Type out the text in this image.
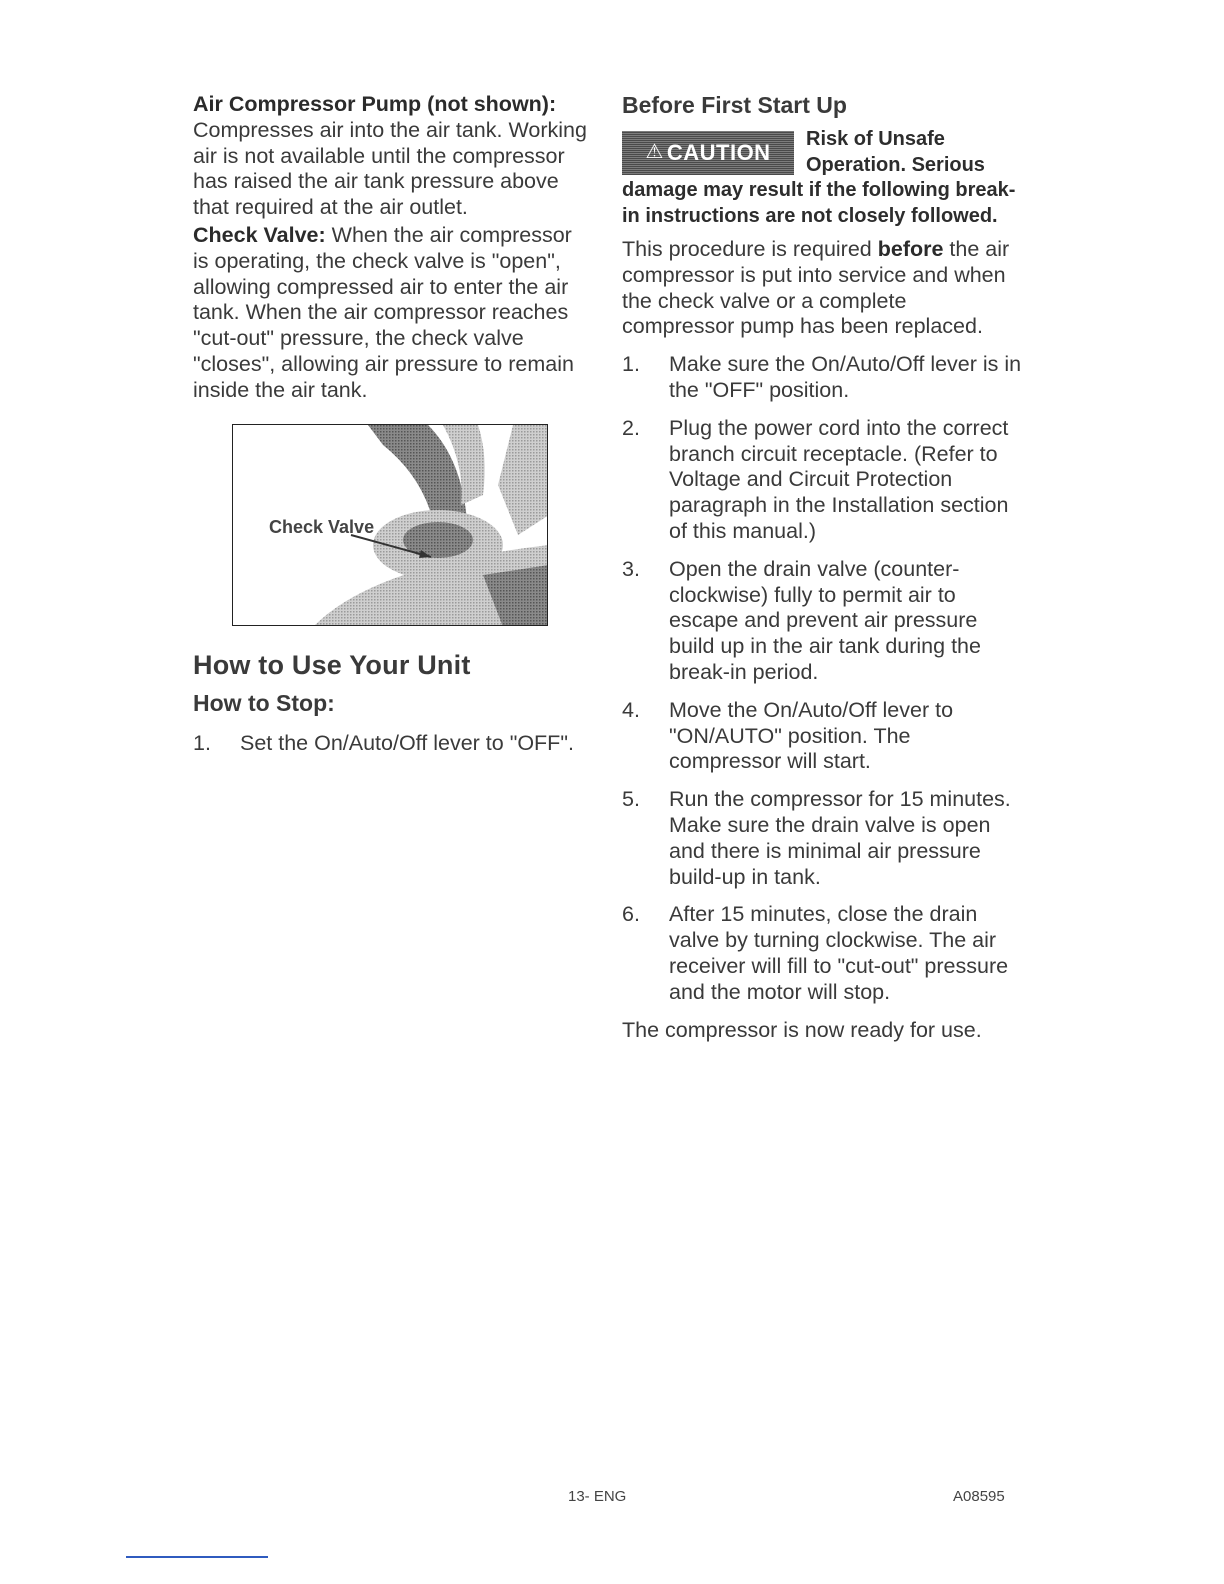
Air Compressor Pump (not shown): Compresses air into the air tank. Working air is not available until the compressor has raised the air tank pressure above that required at the air outlet.

Check Valve: When the air compressor is operating, the check valve is "open", allowing compressed air to enter the air tank. When the air compressor reaches "cut-out" pressure, the check valve "closes", allowing air pressure to remain inside the air tank.

Check Valve
How to Use Your Unit
How to Stop:
1. Set the On/Auto/Off lever to "OFF".
Before First Start Up
⚠ CAUTION
Risk of Unsafe Operation. Serious damage may result if the following break-in instructions are not closely followed.

This procedure is required before the air compressor is put into service and when the check valve or a complete compressor pump has been replaced.

1. Make sure the On/Auto/Off lever is in the "OFF" position.
2. Plug the power cord into the correct branch circuit receptacle. (Refer to Voltage and Circuit Protection paragraph in the Installation section of this manual.)
3. Open the drain valve (counter-clockwise) fully to permit air to escape and prevent air pressure build up in the air tank during the break-in period.
4. Move the On/Auto/Off lever to "ON/AUTO" position. The compressor will start.
5. Run the compressor for 15 minutes. Make sure the drain valve is open and there is minimal air pressure build-up in tank.
6. After 15 minutes, close the drain valve by turning clockwise. The air receiver will fill to "cut-out" pressure and the motor will stop.

The compressor is now ready for use.

13- ENG	A08595
